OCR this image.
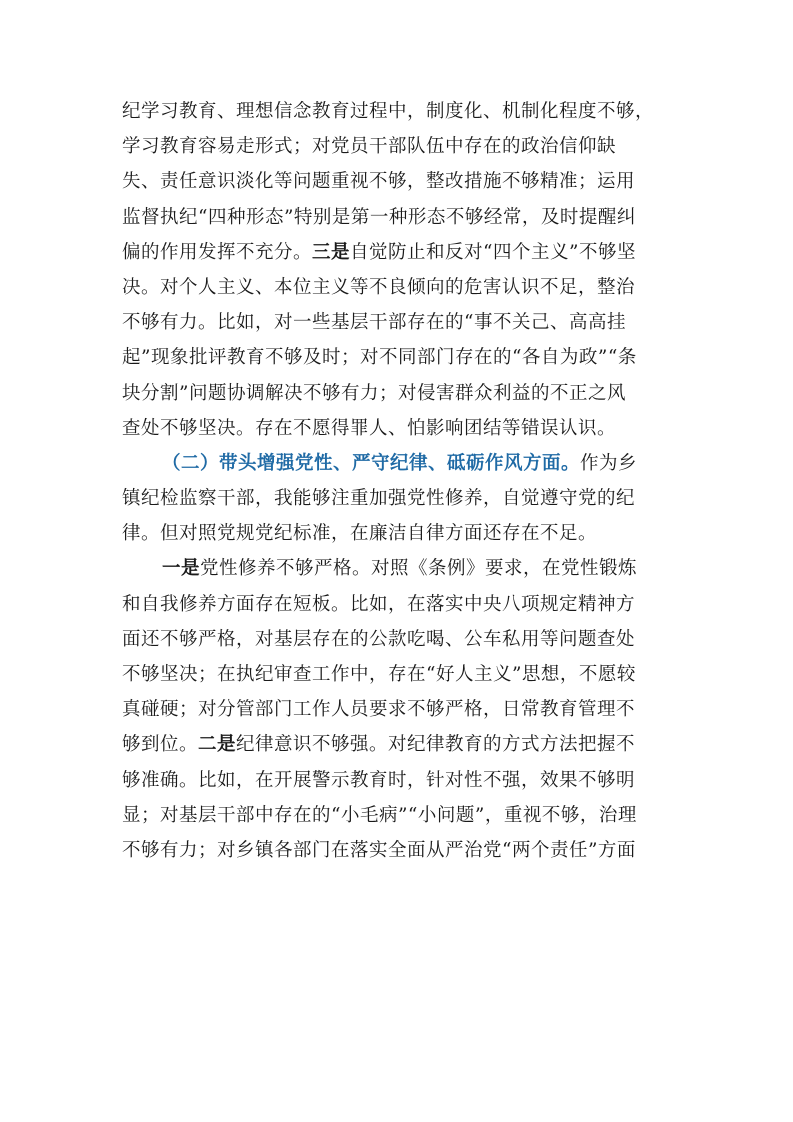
纪学习教育、理想信念教育过程中，制度化、机制化程度不够，
学习教育容易走形式；对党员干部队伍中存在的政治信仰缺
失、责任意识淡化等问题重视不够，整改措施不够精准；运用
监督执纪“四种形态”特别是第一种形态不够经常，及时提醒纠
偏的作用发挥不充分。三是自觉防止和反对“四个主义”不够坚
决。对个人主义、本位主义等不良倾向的危害认识不足，整治
不够有力。比如，对一些基层干部存在的“事不关己、高高挂
起”现象批评教育不够及时；对不同部门存在的“各自为政”“条
块分割”问题协调解决不够有力；对侵害群众利益的不正之风
查处不够坚决。存在不愿得罪人、怕影响团结等错误认识。
（二）带头增强党性、严守纪律、砥砺作风方面。作为乡
镇纪检监察干部，我能够注重加强党性修养，自觉遵守党的纪
律。但对照党规党纪标准，在廉洁自律方面还存在不足。
一是党性修养不够严格。对照《条例》要求，在党性锻炼
和自我修养方面存在短板。比如，在落实中央八项规定精神方
面还不够严格，对基层存在的公款吃喝、公车私用等问题查处
不够坚决；在执纪审查工作中，存在“好人主义”思想，不愿较
真碰硬；对分管部门工作人员要求不够严格，日常教育管理不
够到位。二是纪律意识不够强。对纪律教育的方式方法把握不
够准确。比如，在开展警示教育时，针对性不强，效果不够明
显；对基层干部中存在的“小毛病”“小问题”，重视不够，治理
不够有力；对乡镇各部门在落实全面从严治党“两个责任”方面
